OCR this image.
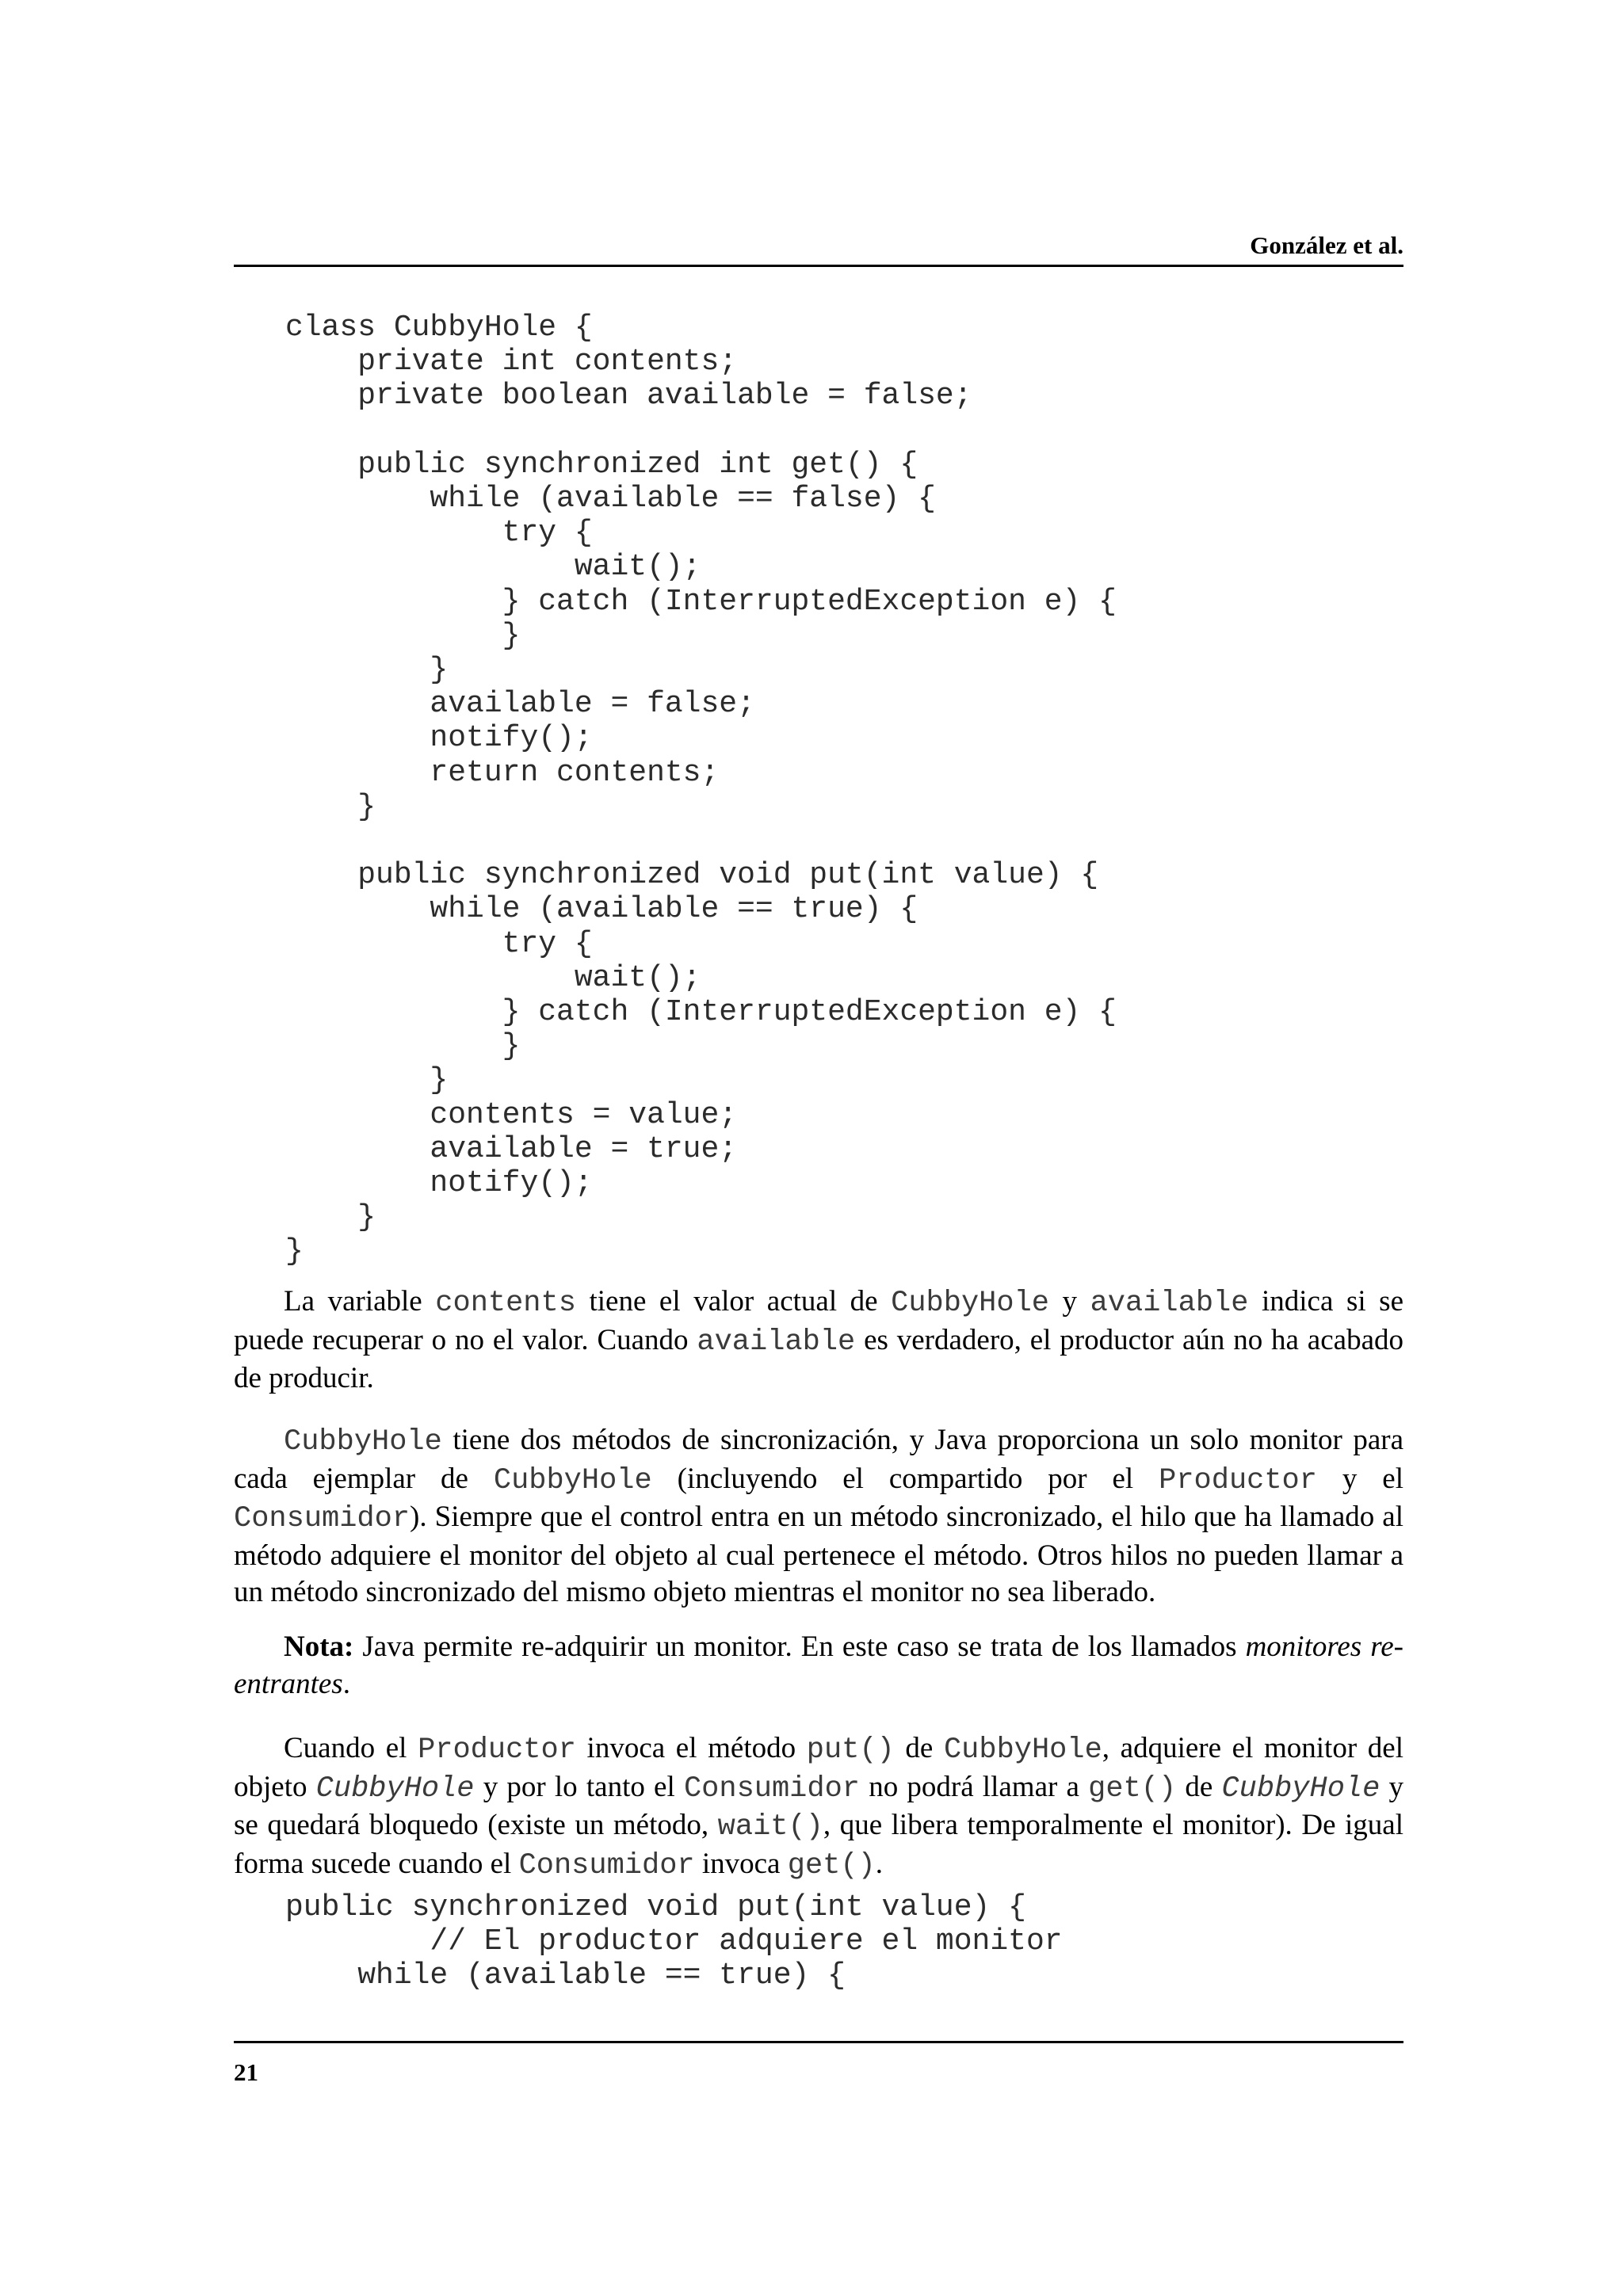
González et al.
class CubbyHole {
private int contents;
private boolean available = false;

public synchronized int get() {
while (available == false) {
try {
wait();
} catch (InterruptedException e) {
}
}
available = false;
notify();
return contents;
}

public synchronized void put(int value) {
while (available == true) {
try {
wait();
} catch (InterruptedException e) {
}
}
contents = value;
available = true;
notify();
}
}

La variable contents tiene el valor actual de CubbyHole y available indica si se puede recuperar o no el valor. Cuando available es verdadero, el productor aún no ha acabado de producir.

CubbyHole tiene dos métodos de sincronización, y Java proporciona un solo monitor para cada ejemplar de CubbyHole (incluyendo el compartido por el Productor y el Consumidor). Siempre que el control entra en un método sincronizado, el hilo que ha llamado al método adquiere el monitor del objeto al cual pertenece el método. Otros hilos no pueden llamar a un método sincronizado del mismo objeto mientras el monitor no sea liberado.

Nota: Java permite re-adquirir un monitor. En este caso se trata de los llamados monitores re-entrantes.

Cuando el Productor invoca el método put() de CubbyHole, adquiere el monitor del objeto CubbyHole y por lo tanto el Consumidor no podrá llamar a get() de CubbyHole y se quedará bloquedo (existe un método, wait(), que libera temporalmente el monitor). De igual forma sucede cuando el Consumidor invoca get().

public synchronized void put(int value) {
// El productor adquiere el monitor
while (available == true) {
21
